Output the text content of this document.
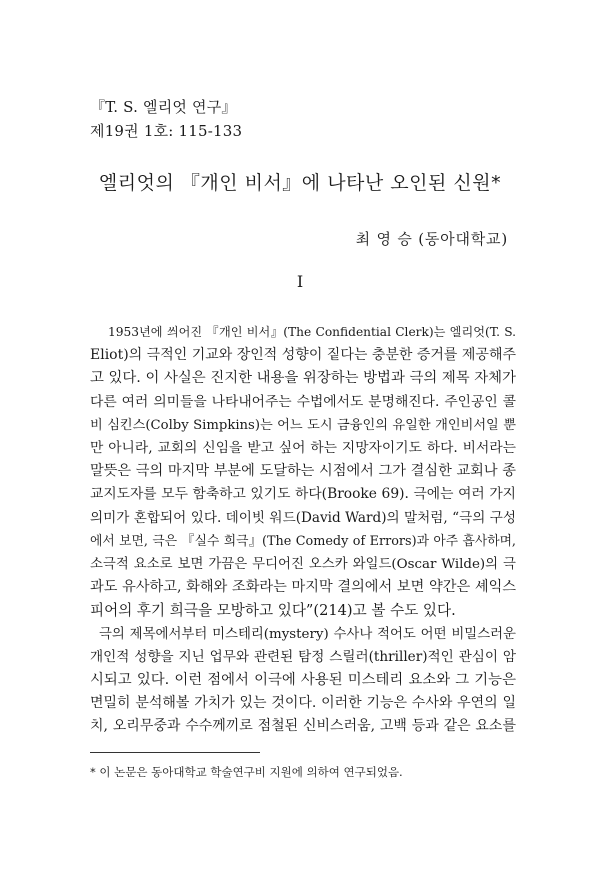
『T. S. 엘리엇 연구』
제19권 1호: 115-133
엘리엇의 『개인 비서』에 나타난 오인된 신원*
최 영 승 (동아대학교)
I

1953년에 씌어진 『개인 비서』(The Confidential Clerk)는 엘리엇(T. S.
Eliot)의 극적인 기교와 장인적 성향이 짙다는 충분한 증거를 제공해주
고 있다. 이 사실은 진지한 내용을 위장하는 방법과 극의 제목 자체가
다른 여러 의미들을 나타내어주는 수법에서도 분명해진다. 주인공인 콜
비 심킨스(Colby Simpkins)는 어느 도시 금융인의 유일한 개인비서일 뿐
만 아니라, 교회의 신임을 받고 싶어 하는 지망자이기도 하다. 비서라는
말뜻은 극의 마지막 부분에 도달하는 시점에서 그가 결심한 교회나 종
교지도자를 모두 함축하고 있기도 하다(Brooke 69). 극에는 여러 가지
의미가 혼합되어 있다. 데이빗 워드(David Ward)의 말처럼, “극의 구성
에서 보면, 극은 『실수 희극』(The Comedy of Errors)과 아주 흡사하며,
소극적 요소로 보면 가끔은 무디어진 오스카 와일드(Oscar Wilde)의 극
과도 유사하고, 화해와 조화라는 마지막 결의에서 보면 약간은 셰익스
피어의 후기 희극을 모방하고 있다”(214)고 볼 수도 있다.

극의 제목에서부터 미스테리(mystery) 수사나 적어도 어떤 비밀스러운
개인적 성향을 지닌 업무와 관련된 탐정 스릴러(thriller)적인 관심이 암
시되고 있다. 이런 점에서 이극에 사용된 미스테리 요소와 그 기능은
면밀히 분석해볼 가치가 있는 것이다. 이러한 기능은 수사와 우연의 일
치, 오리무중과 수수께끼로 점철된 신비스러움, 고백 등과 같은 요소를

* 이 논문은 동아대학교 학술연구비 지원에 의하여 연구되었음.
